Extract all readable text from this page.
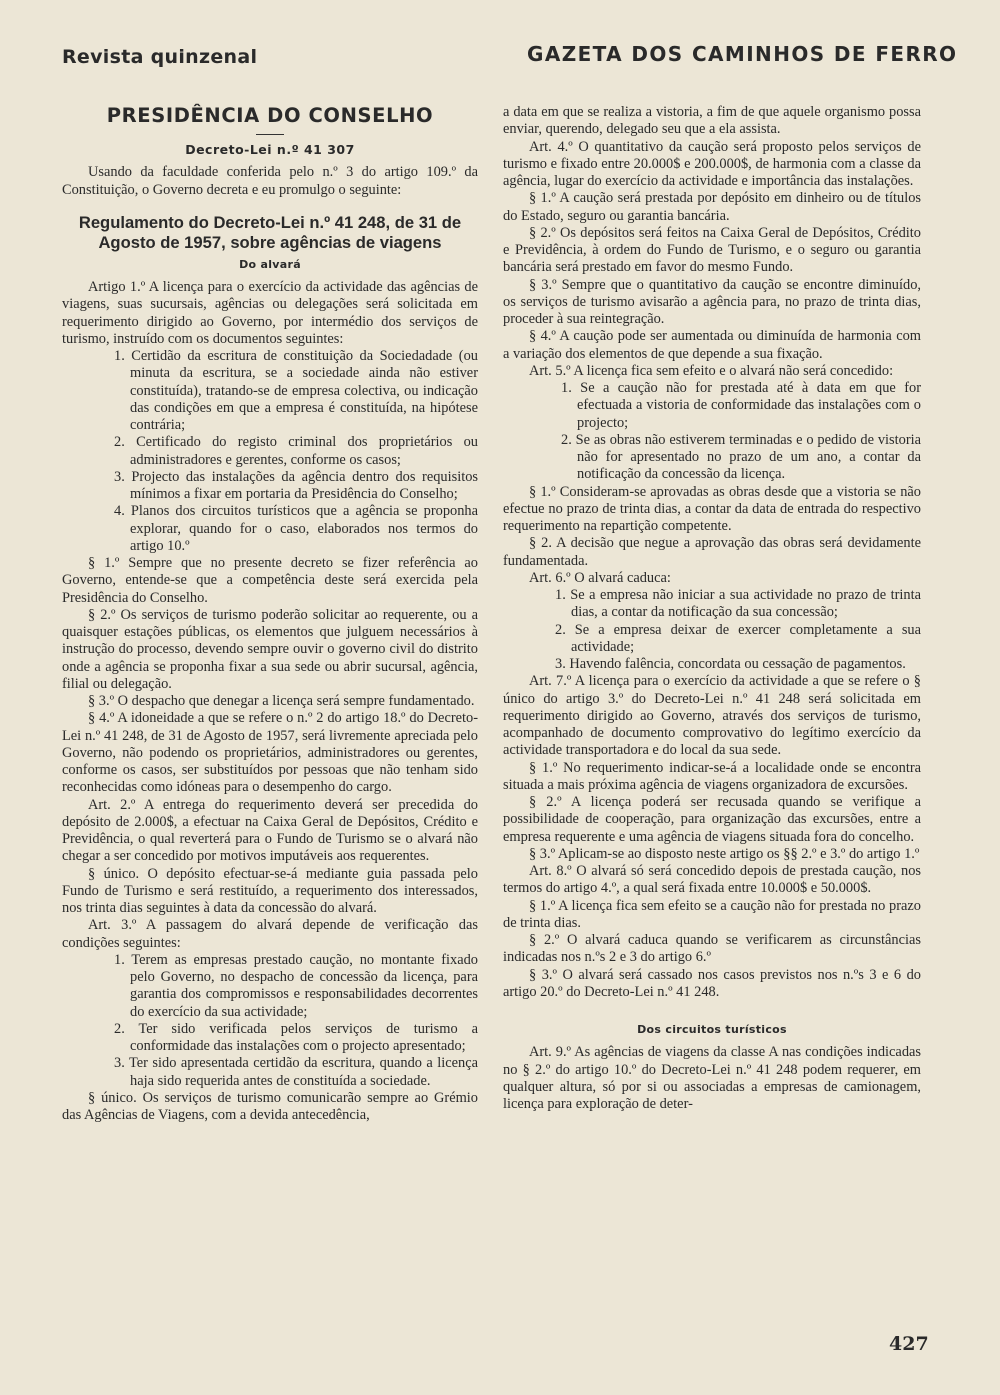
Revista quinzenal	GAZETA DOS CAMINHOS DE FERRO
PRESIDÊNCIA DO CONSELHO
Decreto-Lei n.º 41 307

Usando da faculdade conferida pelo n.º 3 do artigo 109.º da Constituição, o Governo decreta e eu promulgo o seguinte:

Regulamento do Decreto-Lei n.º 41 248, de 31 de Agosto de 1957, sobre agências de viagens
Do alvará

Artigo 1.º A licença para o exercício da actividade das agências de viagens, suas sucursais, agências ou delegações será solicitada em requerimento dirigido ao Governo, por intermédio dos serviços de turismo, instruído com os documentos seguintes:

1. Certidão da escritura de constituição da Sociedadade (ou minuta da escritura, se a sociedade ainda não estiver constituída), tratando-se de empresa colectiva, ou indicação das condições em que a empresa é constituída, na hipótese contrária;

2. Certificado do registo criminal dos proprietários ou administradores e gerentes, conforme os casos;

3. Projecto das instalações da agência dentro dos requisitos mínimos a fixar em portaria da Presidência do Conselho;

4. Planos dos circuitos turísticos que a agência se proponha explorar, quando for o caso, elaborados nos termos do artigo 10.º

§ 1.º Sempre que no presente decreto se fizer referência ao Governo, entende-se que a competência deste será exercida pela Presidência do Conselho.

§ 2.º Os serviços de turismo poderão solicitar ao requerente, ou a quaisquer estações públicas, os elementos que julguem necessários à instrução do processo, devendo sempre ouvir o governo civil do distrito onde a agência se proponha fixar a sua sede ou abrir sucursal, agência, filial ou delegação.

§ 3.º O despacho que denegar a licença será sempre fundamentado.

§ 4.º A idoneidade a que se refere o n.º 2 do artigo 18.º do Decreto-Lei n.º 41 248, de 31 de Agosto de 1957, será livremente apreciada pelo Governo, não podendo os proprietários, administradores ou gerentes, conforme os casos, ser substituídos por pessoas que não tenham sido reconhecidas como idóneas para o desempenho do cargo.

Art. 2.º A entrega do requerimento deverá ser precedida do depósito de 2.000$, a efectuar na Caixa Geral de Depósitos, Crédito e Previdência, o qual reverterá para o Fundo de Turismo se o alvará não chegar a ser concedido por motivos imputáveis aos requerentes.

§ único. O depósito efectuar-se-á mediante guia passada pelo Fundo de Turismo e será restituído, a requerimento dos interessados, nos trinta dias seguintes à data da concessão do alvará.

Art. 3.º A passagem do alvará depende de verificação das condições seguintes:

1. Terem as empresas prestado caução, no montante fixado pelo Governo, no despacho de concessão da licença, para garantia dos compromissos e responsabilidades decorrentes do exercício da sua actividade;

2. Ter sido verificada pelos serviços de turismo a conformidade das instalações com o projecto apresentado;

3. Ter sido apresentada certidão da escritura, quando a licença haja sido requerida antes de constituída a sociedade.

§ único. Os serviços de turismo comunicarão sempre ao Grémio das Agências de Viagens, com a devida antecedência,

a data em que se realiza a vistoria, a fim de que aquele organismo possa enviar, querendo, delegado seu que a ela assista.

Art. 4.º O quantitativo da caução será proposto pelos serviços de turismo e fixado entre 20.000$ e 200.000$, de harmonia com a classe da agência, lugar do exercício da actividade e importância das instalações.

§ 1.º A caução será prestada por depósito em dinheiro ou de títulos do Estado, seguro ou garantia bancária.

§ 2.º Os depósitos será feitos na Caixa Geral de Depósitos, Crédito e Previdência, à ordem do Fundo de Turismo, e o seguro ou garantia bancária será prestado em favor do mesmo Fundo.

§ 3.º Sempre que o quantitativo da caução se encontre diminuído, os serviços de turismo avisarão a agência para, no prazo de trinta dias, proceder à sua reintegração.

§ 4.º A caução pode ser aumentada ou diminuída de harmonia com a variação dos elementos de que depende a sua fixação.

Art. 5.º A licença fica sem efeito e o alvará não será concedido:

1. Se a caução não for prestada até à data em que for efectuada a vistoria de conformidade das instalações com o projecto;

2. Se as obras não estiverem terminadas e o pedido de vistoria não for apresentado no prazo de um ano, a contar da notificação da concessão da licença.

§ 1.º Consideram-se aprovadas as obras desde que a vistoria se não efectue no prazo de trinta dias, a contar da data de entrada do respectivo requerimento na repartição competente.

§ 2. A decisão que negue a aprovação das obras será devidamente fundamentada.

Art. 6.º O alvará caduca:

1. Se a empresa não iniciar a sua actividade no prazo de trinta dias, a contar da notificação da sua concessão;

2. Se a empresa deixar de exercer completamente a sua actividade;

3. Havendo falência, concordata ou cessação de pagamentos.

Art. 7.º A licença para o exercício da actividade a que se refere o § único do artigo 3.º do Decreto-Lei n.º 41 248 será solicitada em requerimento dirigido ao Governo, através dos serviços de turismo, acompanhado de documento comprovativo do legítimo exercício da actividade transportadora e do local da sua sede.

§ 1.º No requerimento indicar-se-á a localidade onde se encontra situada a mais próxima agência de viagens organizadora de excursões.

§ 2.º A licença poderá ser recusada quando se verifique a possibilidade de cooperação, para organização das excursões, entre a empresa requerente e uma agência de viagens situada fora do concelho.

§ 3.º Aplicam-se ao disposto neste artigo os §§ 2.º e 3.º do artigo 1.º

Art. 8.º O alvará só será concedido depois de prestada caução, nos termos do artigo 4.º, a qual será fixada entre 10.000$ e 50.000$.

§ 1.º A licença fica sem efeito se a caução não for prestada no prazo de trinta dias.

§ 2.º O alvará caduca quando se verificarem as circunstâncias indicadas nos n.ºs 2 e 3 do artigo 6.º

§ 3.º O alvará será cassado nos casos previstos nos n.ºs 3 e 6 do artigo 20.º do Decreto-Lei n.º 41 248.

Dos circuitos turísticos

Art. 9.º As agências de viagens da classe A nas condições indicadas no § 2.º do artigo 10.º do Decreto-Lei n.º 41 248 podem requerer, em qualquer altura, só por si ou associadas a empresas de camionagem, licença para exploração de deter-

427
